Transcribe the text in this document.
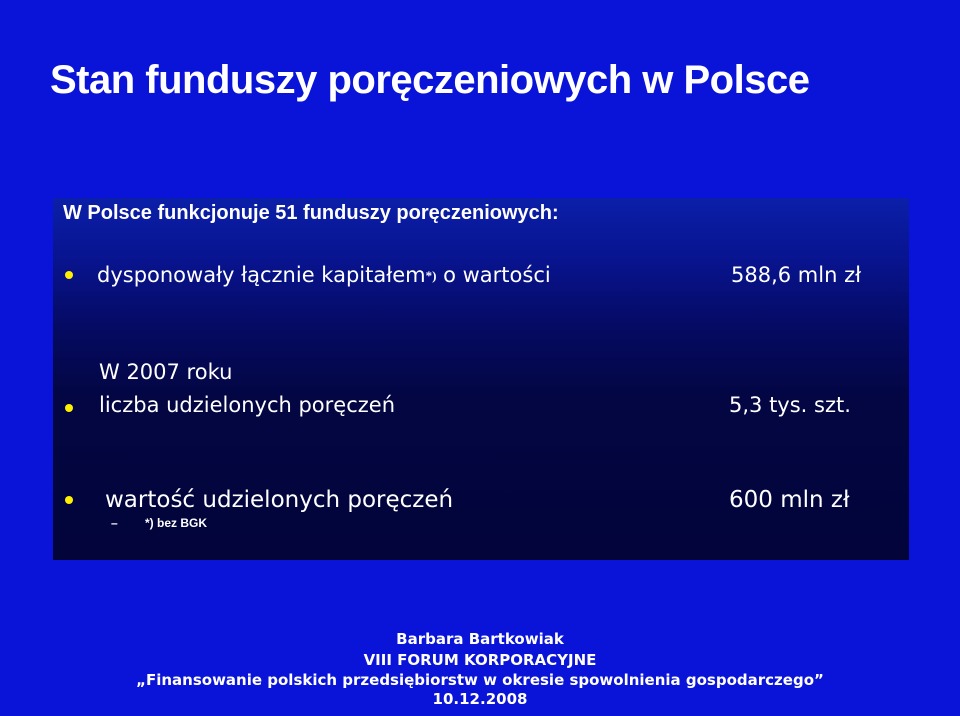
Stan funduszy poręczeniowych w Polsce
W Polsce funkcjonuje 51 funduszy poręczeniowych:
dysponowały łącznie kapitałem*) o wartości	588,6 mln zł
W 2007 roku
liczba udzielonych poręczeń	5,3 tys. szt.
wartość udzielonych poręczeń	600 mln zł
– *) bez BGK
Barbara Bartkowiak
VIII FORUM KORPORACYJNE
„Finansowanie polskich przedsiębiorstw w okresie spowolnienia gospodarczego”
10.12.2008
